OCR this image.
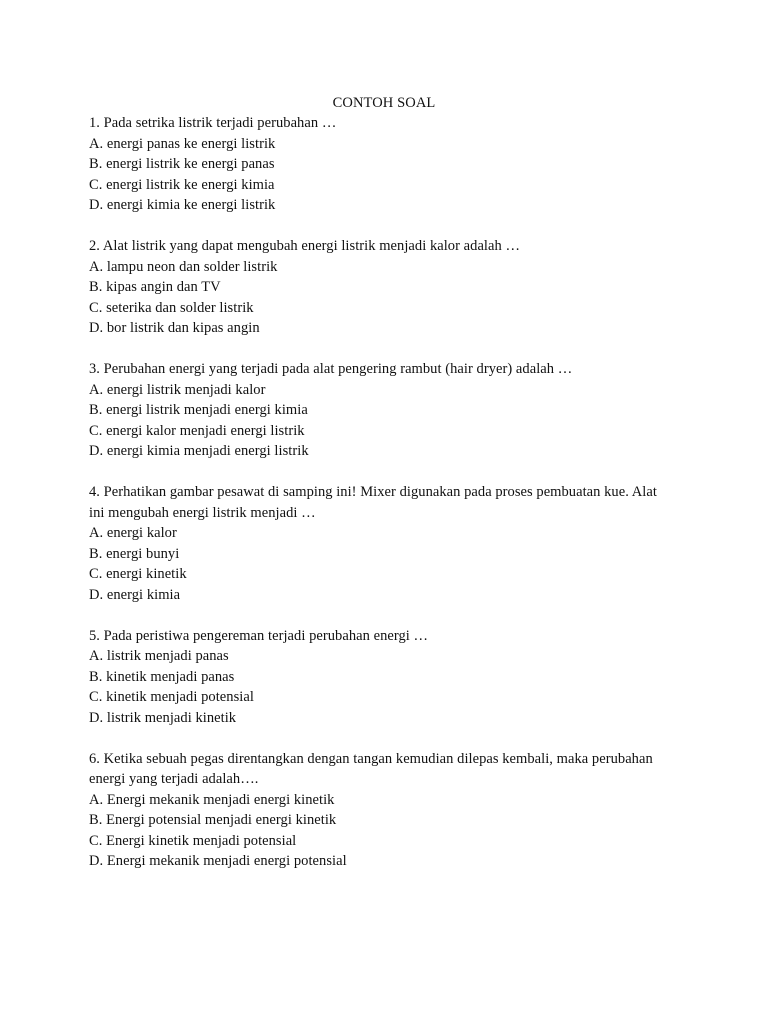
CONTOH SOAL

1. Pada setrika listrik terjadi perubahan …

A. energi panas ke energi listrik

B. energi listrik ke energi panas

C. energi listrik ke energi kimia

D. energi kimia ke energi listrik

2. Alat listrik yang dapat mengubah energi listrik menjadi kalor adalah …

A. lampu neon dan solder listrik

B. kipas angin dan TV

C. seterika dan solder listrik

D. bor listrik dan kipas angin

3. Perubahan energi yang terjadi pada alat pengering rambut (hair dryer) adalah …

A. energi listrik menjadi kalor

B. energi listrik menjadi energi kimia

C. energi kalor menjadi energi listrik

D. energi kimia menjadi energi listrik

4. Perhatikan gambar pesawat di samping ini! Mixer digunakan pada proses pembuatan kue. Alat

ini mengubah energi listrik menjadi …

A. energi kalor

B. energi bunyi

C. energi kinetik

D. energi kimia

5. Pada peristiwa pengereman terjadi perubahan energi …

A. listrik menjadi panas

B. kinetik menjadi panas

C. kinetik menjadi potensial

D. listrik menjadi kinetik

6. Ketika sebuah pegas direntangkan dengan tangan kemudian dilepas kembali, maka perubahan

energi yang terjadi adalah….

A. Energi mekanik menjadi energi kinetik

B. Energi potensial menjadi energi kinetik

C. Energi kinetik menjadi potensial

D. Energi mekanik menjadi energi potensial
